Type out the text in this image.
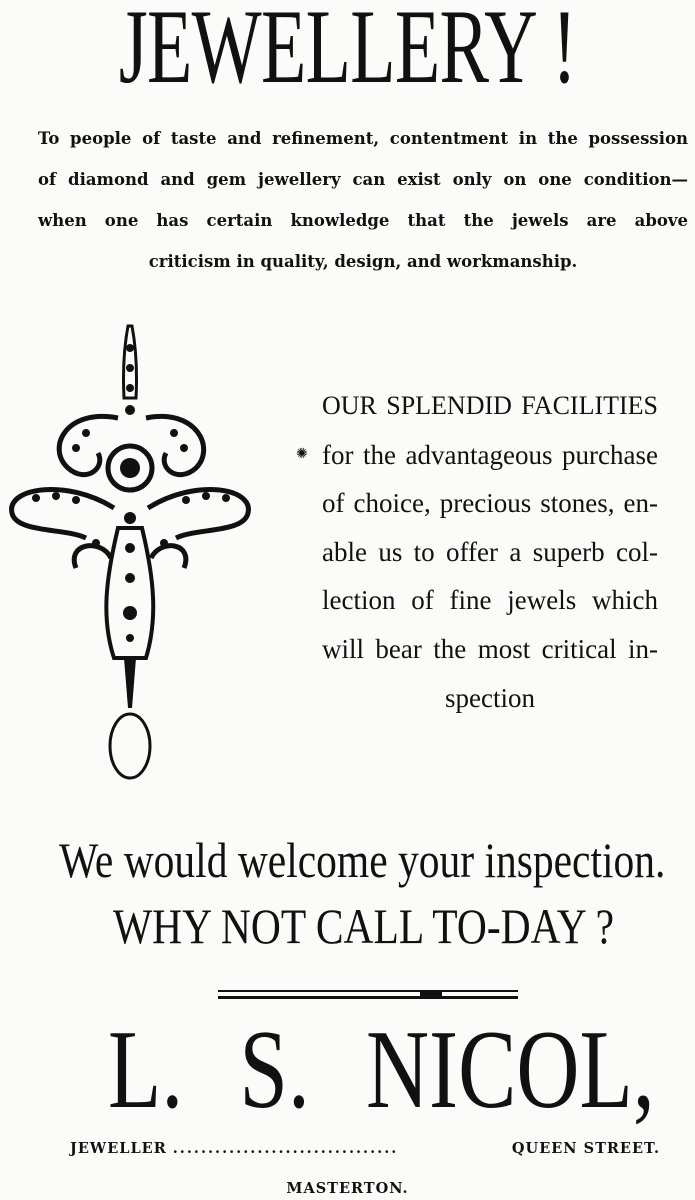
JEWELLERY !
To people of taste and refinement, contentment in the possession
of diamond and gem jewellery can exist only on one condition—
when one has certain knowledge that the jewels are above
criticism in quality, design, and workmanship.
✺
OUR SPLENDID FACILITIES
for the advantageous purchase
of choice, precious stones, en-
able us to offer a superb col-
lection of fine jewels which
will bear the most critical in-
spection
We would welcome your inspection.
WHY NOT CALL TO-DAY ?
L. S. NICOL,
JEWELLER ................................	QUEEN STREET.
MASTERTON.
